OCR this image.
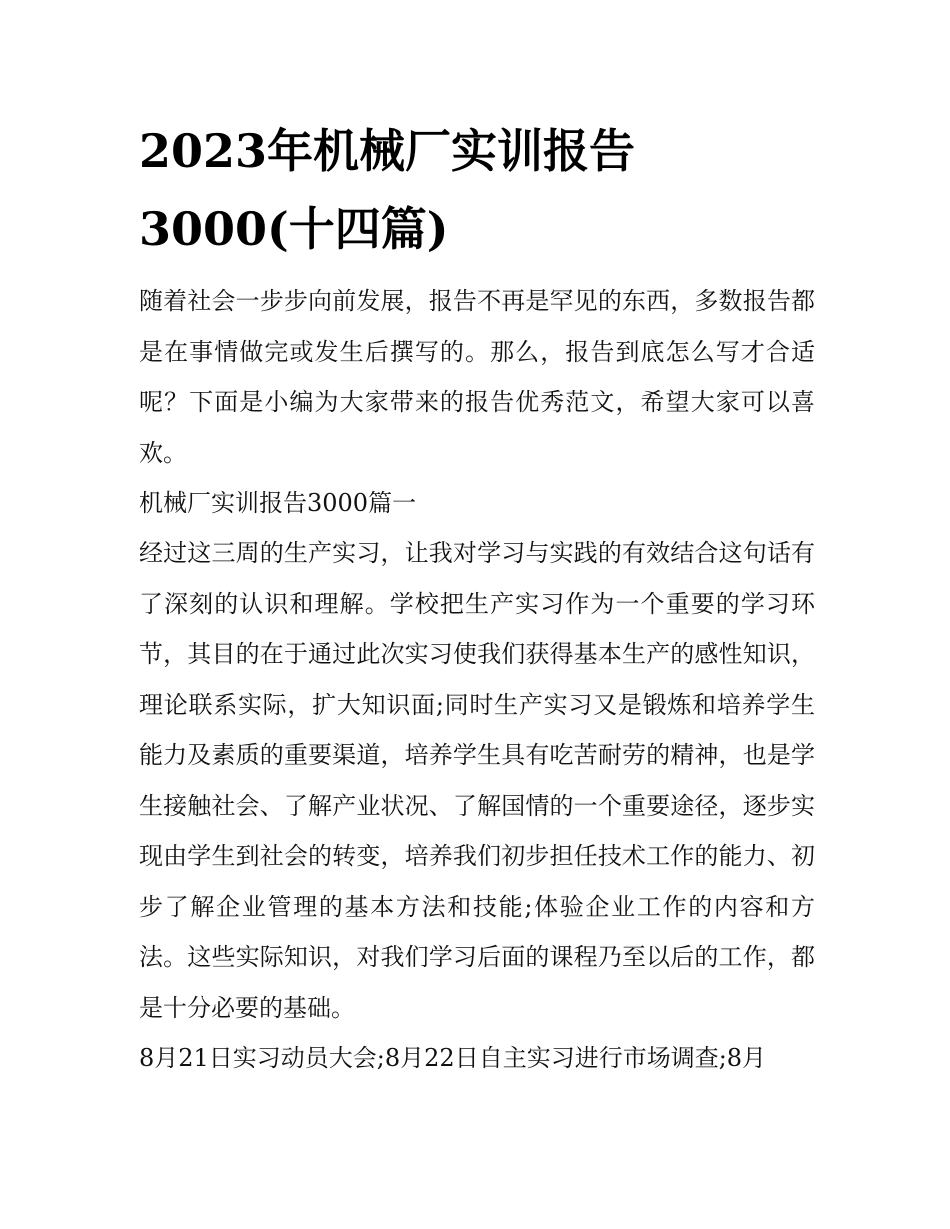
2023年机械厂实训报告3000(十四篇)

随着社会一步步向前发展，报告不再是罕见的东西，多数报告都是在事情做完或发生后撰写的。那么，报告到底怎么写才合适呢？下面是小编为大家带来的报告优秀范文，希望大家可以喜欢。

机械厂实训报告3000篇一

经过这三周的生产实习，让我对学习与实践的有效结合这句话有了深刻的认识和理解。学校把生产实习作为一个重要的学习环节，其目的在于通过此次实习使我们获得基本生产的感性知识，理论联系实际，扩大知识面;同时生产实习又是锻炼和培养学生能力及素质的重要渠道，培养学生具有吃苦耐劳的精神，也是学生接触社会、了解产业状况、了解国情的一个重要途径，逐步实现由学生到社会的转变，培养我们初步担任技术工作的能力、初步了解企业管理的基本方法和技能;体验企业工作的内容和方法。这些实际知识，对我们学习后面的课程乃至以后的工作，都是十分必要的基础。

8月21日实习动员大会;8月22日自主实习进行市场调查;8月
